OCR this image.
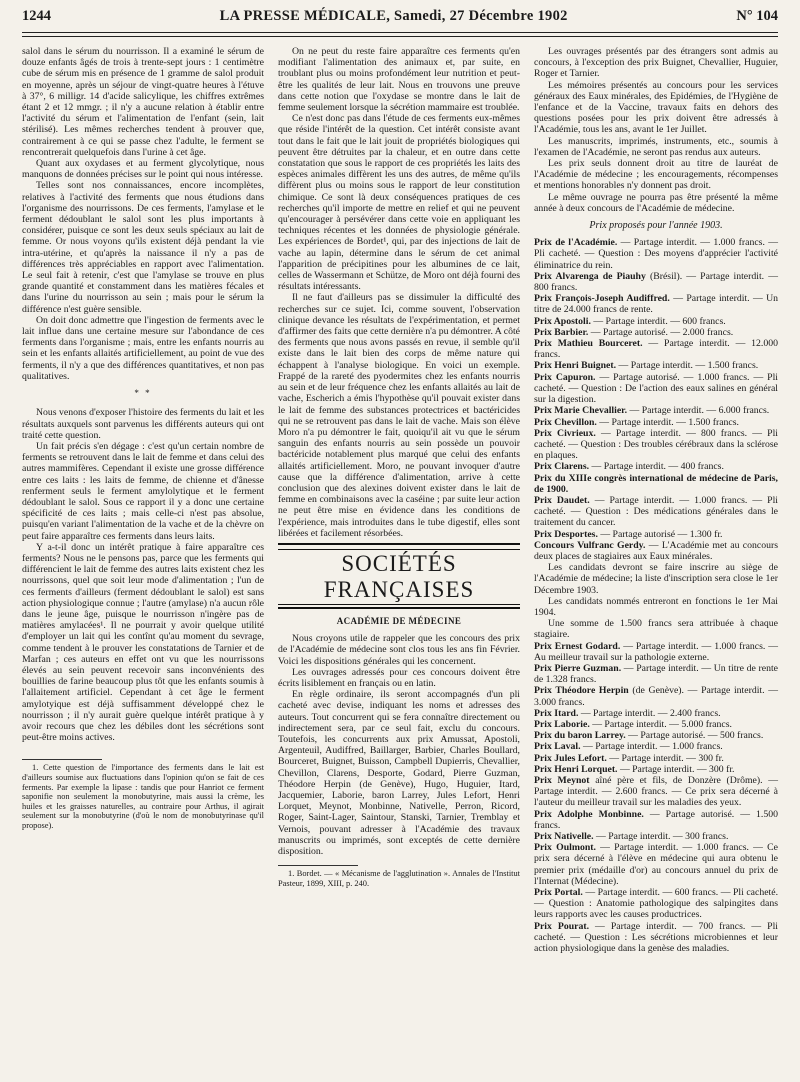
1244	LA PRESSE MÉDICALE, Samedi, 27 Décembre 1902	N° 104

salol dans le sérum du nourrisson. Il a examiné le sérum de douze enfants âgés de trois à trente-sept jours : 1 centimètre cube de sérum mis en présence de 1 gramme de salol produit en moyenne, après un séjour de vingt-quatre heures à l'étuve à 37°, 6 milligr. 14 d'acide salicylique, les chiffres extrêmes étant 2 et 12 mmgr. ; il n'y a aucune relation à établir entre l'activité du sérum et l'alimentation de l'enfant (sein, lait stérilisé). Les mêmes recherches tendent à prouver que, contrairement à ce qui se passe chez l'adulte, le ferment se rencontrerait quelquefois dans l'urine à cet âge.

Quant aux oxydases et au ferment glycolytique, nous manquons de données précises sur le point qui nous intéresse.

Telles sont nos connaissances, encore incomplètes, relatives à l'activité des ferments que nous étudions dans l'organisme des nourrissons. De ces ferments, l'amylase et le ferment dédoublant le salol sont les plus importants à considérer, puisque ce sont les deux seuls spéciaux au lait de femme. Or nous voyons qu'ils existent déjà pendant la vie intra-utérine, et qu'après la naissance il n'y a pas de différences très appréciables en rapport avec l'alimentation. Le seul fait à retenir, c'est que l'amylase se trouve en plus grande quantité et constamment dans les matières fécales et dans l'urine du nourrisson au sein ; mais pour le sérum la différence n'est guère sensible.

On doit donc admettre que l'ingestion de ferments avec le lait influe dans une certaine mesure sur l'abondance de ces ferments dans l'organisme ; mais, entre les enfants nourris au sein et les enfants allaités artificiellement, au point de vue des ferments, il n'y a que des différences quantitatives, et non pas qualitatives.

* *

Nous venons d'exposer l'histoire des ferments du lait et les résultats auxquels sont parvenus les différents auteurs qui ont traité cette question.

Un fait précis s'en dégage : c'est qu'un certain nombre de ferments se retrouvent dans le lait de femme et dans celui des autres mammifères. Cependant il existe une grosse différence entre ces laits : les laits de femme, de chienne et d'ânesse renferment seuls le ferment amylolytique et le ferment dédoublant le salol. Sous ce rapport il y a donc une certaine spécificité de ces laits ; mais celle-ci n'est pas absolue, puisqu'en variant l'alimentation de la vache et de la chèvre on peut faire apparaître ces ferments dans leurs laits.

Y a-t-il donc un intérêt pratique à faire apparaître ces ferments? Nous ne le pensons pas, parce que les ferments qui différencient le lait de femme des autres laits existent chez les nourrissons, quel que soit leur mode d'alimentation ; l'un de ces ferments d'ailleurs (ferment dédoublant le salol) est sans action physiologique connue ; l'autre (amylase) n'a aucun rôle dans le jeune âge, puisque le nourrisson n'ingère pas de matières amylacées¹. Il ne pourrait y avoir quelque utilité d'employer un lait qui les contînt qu'au moment du sevrage, comme tendent à le prouver les constatations de Tarnier et de Marfan ; ces auteurs en effet ont vu que les nourrissons élevés au sein peuvent recevoir sans inconvénients des bouillies de farine beaucoup plus tôt que les enfants soumis à l'allaitement artificiel. Cependant à cet âge le ferment amylotyique est déjà suffisamment développé chez le nourrisson ; il n'y aurait guère quelque intérêt pratique à y avoir recours que chez les débiles dont les sécrétions sont peut-être moins actives.

1. Cette question de l'importance des ferments dans le lait est d'ailleurs soumise aux fluctuations dans l'opinion qu'on se fait de ces ferments. Par exemple la lipase : tandis que pour Hanriot ce ferment saponifie non seulement la monobutyrine, mais aussi la crème, les huiles et les graisses naturelles, au contraire pour Arthus, il agirait seulement sur la monobutyrine (d'où le nom de monobutyrinase qu'il propose).

On ne peut du reste faire apparaître ces ferments qu'en modifiant l'alimentation des animaux et, par suite, en troublant plus ou moins profondément leur nutrition et peut-être les qualités de leur lait. Nous en trouvons une preuve dans cette notion que l'oxydase se montre dans le lait de femme seulement lorsque la sécrétion mammaire est troublée.

Ce n'est donc pas dans l'étude de ces ferments eux-mêmes que réside l'intérêt de la question. Cet intérêt consiste avant tout dans le fait que le lait jouit de propriétés biologiques qui peuvent être détruites par la chaleur, et en outre dans cette constatation que sous le rapport de ces propriétés les laits des espèces animales diffèrent les uns des autres, de même qu'ils diffèrent plus ou moins sous le rapport de leur constitution chimique. Ce sont là deux conséquences pratiques de ces recherches qu'il importe de mettre en relief et qui ne peuvent qu'encourager à persévérer dans cette voie en appliquant les techniques récentes et les données de physiologie générale. Les expériences de Bordet¹, qui, par des injections de lait de vache au lapin, détermine dans le sérum de cet animal l'apparition de précipitines pour les albumines de ce lait, celles de Wassermann et Schütze, de Moro ont déjà fourni des résultats intéressants.

Il ne faut d'ailleurs pas se dissimuler la difficulté des recherches sur ce sujet. Ici, comme souvent, l'observation clinique devance les résultats de l'expérimentation, et permet d'affirmer des faits que cette dernière n'a pu démontrer. A côté des ferments que nous avons passés en revue, il semble qu'il existe dans le lait bien des corps de même nature qui échappent à l'analyse biologique. En voici un exemple. Frappé de la rareté des pyodermites chez les enfants nourris au sein et de leur fréquence chez les enfants allaités au lait de vache, Escherich a émis l'hypothèse qu'il pouvait exister dans le lait de femme des substances protectrices et bactéricides qui ne se retrouvent pas dans le lait de vache. Mais son élève Moro n'a pu démontrer le fait, quoiqu'il ait vu que le sérum sanguin des enfants nourris au sein possède un pouvoir bactéricide notablement plus marqué que celui des enfants allaités artificiellement. Moro, ne pouvant invoquer d'autre cause que la différence d'alimentation, arrive à cette conclusion que des alexines doivent exister dans le lait de femme en combinaisons avec la caséine ; par suite leur action ne peut être mise en évidence dans les conditions de l'expérience, mais introduites dans le tube digestif, elles sont libérées et facilement résorbées.

SOCIÉTÉS FRANÇAISES
ACADÉMIE DE MÉDECINE

Nous croyons utile de rappeler que les concours des prix de l'Académie de médecine sont clos tous les ans fin Février. Voici les dispositions générales qui les concernent.

Les ouvrages adressés pour ces concours doivent être écrits lisiblement en français ou en latin.

En règle ordinaire, ils seront accompagnés d'un pli cacheté avec devise, indiquant les noms et adresses des auteurs. Tout concurrent qui se fera connaître directement ou indirectement sera, par ce seul fait, exclu du concours. Toutefois, les concurrents aux prix Amussat, Apostoli, Argenteuil, Audiffred, Baillarger, Barbier, Charles Boullard, Bourceret, Buignet, Buisson, Campbell Dupierris, Chevallier, Chevillon, Clarens, Desporte, Godard, Pierre Guzman, Théodore Herpin (de Genève), Hugo, Huguier, Itard, Jacquemier, Laborie, baron Larrey, Jules Lefort, Henri Lorquet, Meynot, Monbinne, Nativelle, Perron, Ricord, Roger, Saint-Lager, Saintour, Stanski, Tarnier, Tremblay et Vernois, pouvant adresser à l'Académie des travaux manuscrits ou imprimés, sont exceptés de cette dernière disposition.

1. Bordet. — « Mécanisme de l'agglutination ». Annales de l'Institut Pasteur, 1899, XIII, p. 240.

Les ouvrages présentés par des étrangers sont admis au concours, à l'exception des prix Buignet, Chevallier, Huguier, Roger et Tarnier.

Les mémoires présentés au concours pour les services généraux des Eaux minérales, des Epidémies, de l'Hygiène de l'enfance et de la Vaccine, travaux faits en dehors des questions posées pour les prix doivent être adressés à l'Académie, tous les ans, avant le 1er Juillet.

Les manuscrits, imprimés, instruments, etc., soumis à l'examen de l'Académie, ne seront pas rendus aux auteurs.

Les prix seuls donnent droit au titre de lauréat de l'Académie de médecine ; les encouragements, récompenses et mentions honorables n'y donnent pas droit.

Le même ouvrage ne pourra pas être présenté la même année à deux concours de l'Académie de médecine.

Prix proposés pour l'année 1903.

Prix de l'Académie. — Partage interdit. — 1.000 francs. — Pli cacheté. — Question : Des moyens d'apprécier l'activité éliminatrice du rein.

Prix Alvarenga de Piauhy (Brésil). — Partage interdit. — 800 francs.

Prix François-Joseph Audiffred. — Partage interdit. — Un titre de 24.000 francs de rente.

Prix Apostoli. — Partage interdit. — 600 francs.

Prix Barbier. — Partage autorisé. — 2.000 francs.

Prix Mathieu Bourceret. — Partage interdit. — 12.000 francs.

Prix Henri Buignet. — Partage interdit. — 1.500 francs.

Prix Capuron. — Partage autorisé. — 1.000 francs. — Pli cacheté. — Question : De l'action des eaux salines en général sur la digestion.

Prix Marie Chevallier. — Partage interdit. — 6.000 francs.

Prix Chevillon. — Partage interdit. — 1.500 francs.

Prix Civrieux. — Partage interdit. — 800 francs. — Pli cacheté. — Question : Des troubles cérébraux dans la sclérose en plaques.

Prix Clarens. — Partage interdit. — 400 francs.

Prix du XIIIe congrès international de médecine de Paris, de 1900.

Prix Daudet. — Partage interdit. — 1.000 francs. — Pli cacheté. — Question : Des médications générales dans le traitement du cancer.

Prix Desportes. — Partage autorisé — 1.300 fr.

Concours Vulfranc Gerdy. — L'Académie met au concours deux places de stagiaires aux Eaux minérales.

Les candidats devront se faire inscrire au siège de l'Académie de médecine; la liste d'inscription sera close le 1er Décembre 1903.

Les candidats nommés entreront en fonctions le 1er Mai 1904.

Une somme de 1.500 francs sera attribuée à chaque stagiaire.

Prix Ernest Godard. — Partage interdit. — 1.000 francs. — Au meilleur travail sur la pathologie externe.

Prix Pierre Guzman. — Partage interdit. — Un titre de rente de 1.328 francs.

Prix Théodore Herpin (de Genève). — Partage interdit. — 3.000 francs.

Prix Itard. — Partage interdit. — 2.400 francs.

Prix Laborie. — Partage interdit. — 5.000 francs.

Prix du baron Larrey. — Partage autorisé. — 500 francs.

Prix Laval. — Partage interdit. — 1.000 francs.

Prix Jules Lefort. — Partage interdit. — 300 fr.

Prix Henri Lorquet. — Partage interdit. — 300 fr.

Prix Meynot aîné père et fils, de Donzère (Drôme). — Partage interdit. — 2.600 francs. — Ce prix sera décerné à l'auteur du meilleur travail sur les maladies des yeux.

Prix Adolphe Monbinne. — Partage autorisé. — 1.500 francs.

Prix Nativelle. — Partage interdit. — 300 francs.

Prix Oulmont. — Partage interdit. — 1.000 francs. — Ce prix sera décerné à l'élève en médecine qui aura obtenu le premier prix (médaille d'or) au concours annuel du prix de l'Internat (Médecine).

Prix Portal. — Partage interdit. — 600 francs. — Pli cacheté. — Question : Anatomie pathologique des salpingites dans leurs rapports avec les causes productrices.

Prix Pourat. — Partage interdit. — 700 francs. — Pli cacheté. — Question : Les sécrétions microbiennes et leur action physiologique dans la genèse des maladies.
